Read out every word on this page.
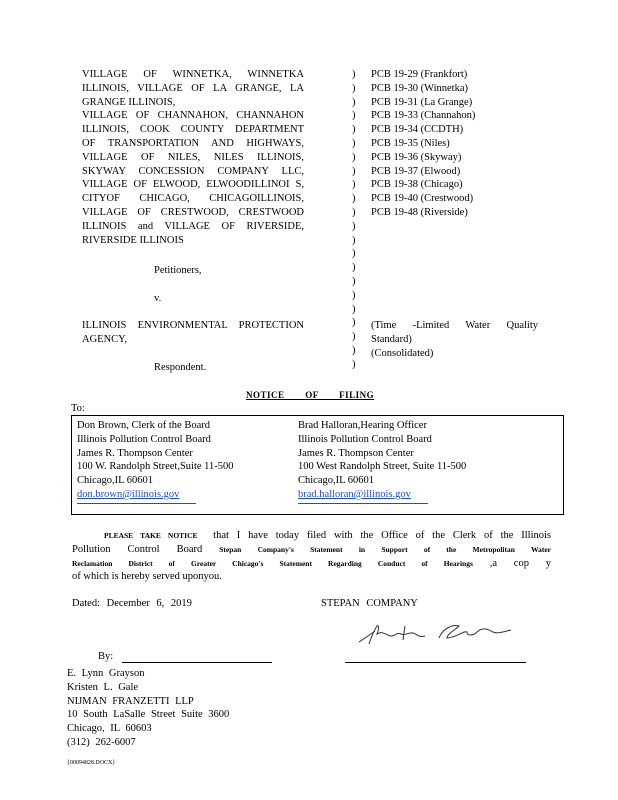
VILLAGE OF WINNETKA, WINNETKA
ILLINOIS, VILLAGE OF LA GRANGE, LA
GRANGE ILLINOIS,
VILLAGE OF CHANNAHON, CHANNAHON
ILLINOIS, COOK COUNTY DEPARTMENT
OF TRANSPORTATION AND HIGHWAYS,
VILLAGE OF NILES, NILES ILLINOIS,
SKYWAY CONCESSION COMPANY LLC,
VILLAGE OF ELWOOD, ELWOODILLINOI S,
CITYOF CHICAGO, CHICAGOILLINOIS,
VILLAGE OF CRESTWOOD, CRESTWOOD
ILLINOIS and VILLAGE OF RIVERSIDE,
RIVERSIDE ILLINOIS
Petitioners,
v.
)
)
)
)
)
)
)
)
)
)
)
)
)
)
)
)
)
)
)
)
)
)
PCB 19-29 (Frankfort)
PCB 19-30 (Winnetka)
PCB 19-31 (La Grange)
PCB 19-33 (Channahon)
PCB 19-34 (CCDTH)
PCB 19-35 (Niles)
PCB 19-36 (Skyway)
PCB 19-37 (Elwood)
PCB 19-38 (Chicago)
PCB 19-40 (Crestwood)
PCB 19-48 (Riverside)
ILLINOIS ENVIRONMENTAL PROTECTION
AGENCY,
Respondent.
(Time -Limited Water Quality
Standard)
(Consolidated)
NOTICE OF FILING
To:
Don Brown, Clerk of the Board
Illinois Pollution Control Board
James R. Thompson Center
100 W. Randolph Street,Suite 11-500
Chicago,IL 60601
don.brown@illinois.gov
Brad Halloran,Hearing Officer
Illinois Pollution Control Board
James R. Thompson Center
100 West Randolph Street, Suite 11-500
Chicago,IL 60601
brad.halloran@illinois.gov
PLEASE TAKE NOTICE that I have today filed with the Office of the Clerk of the Illinois
Pollution Control Board Stepan Company's Statement in Support of the Metropolitan Water
Reclamation District of Greater Chicago's Statement Regarding Conduct of Hearings ,a cop y
of which is hereby served uponyou.
Dated: December 6, 2019	STEPAN COMPANY
By:
E. Lynn Grayson
Kristen L. Gale
NIJMAN FRANZETTI LLP
10 South LaSalle Street Suite 3600
Chicago, IL 60603
(312) 262-6007
{00094828.DOCX}
